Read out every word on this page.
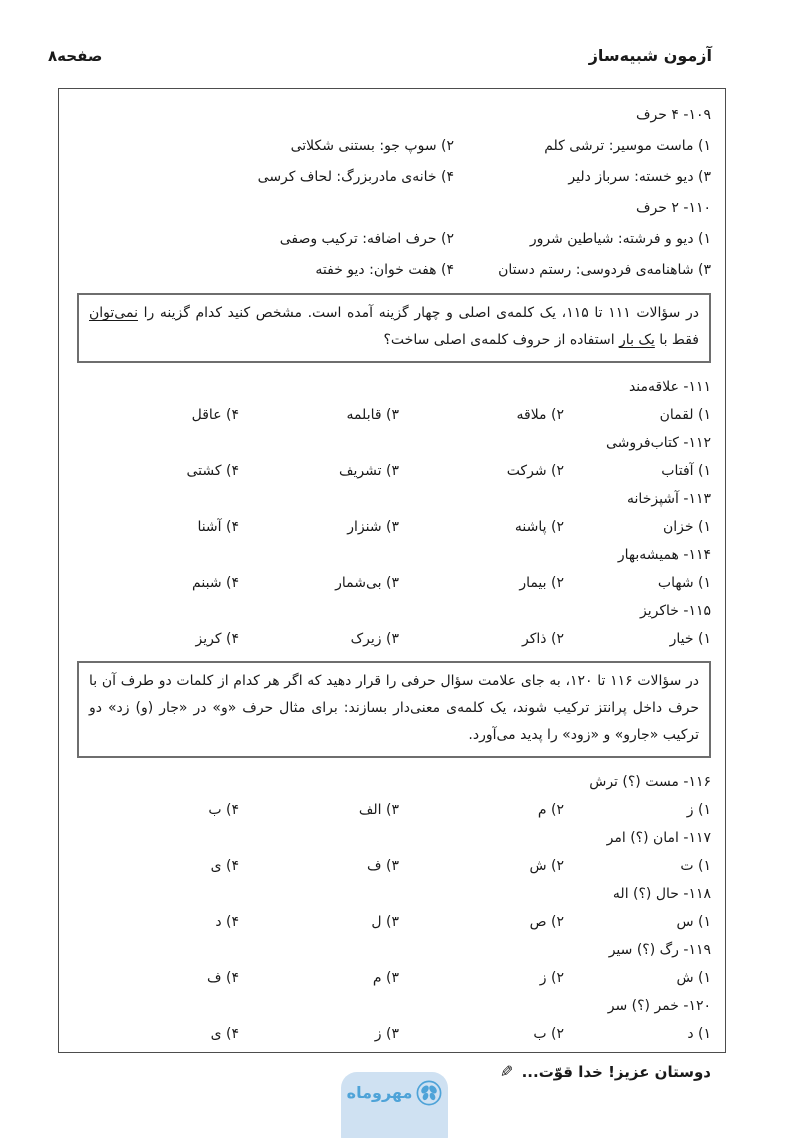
آزمون شبیه‌ساز
صفحه۸
۱۰۹- ۴ حرف
۱) ماست موسیر: ترشی کلم
۲) سوپ جو: بستنی شکلاتی
۳) دیو خسته: سرباز دلیر
۴) خانه‌ی مادربزرگ: لحاف کرسی
۱۱۰- ۲ حرف
۱) دیو و فرشته: شیاطین شرور
۲) حرف اضافه: ترکیب وصفی
۳) شاهنامه‌ی فردوسی: رستم دستان
۴) هفت خوان: دیو خفته
در سؤالات ۱۱۱ تا ۱۱۵، یک کلمه‌ی اصلی و چهار گزینه آمده است. مشخص کنید کدام گزینه را نمی‌توان فقط با یک بار استفاده از حروف کلمه‌ی اصلی ساخت؟
۱۱۱- علاقه‌مند
۱) لقمان
۲) ملاقه
۳) قابلمه
۴) عاقل
۱۱۲- کتاب‌فروشی
۱) آفتاب
۲) شرکت
۳) تشریف
۴) کشتی
۱۱۳- آشپزخانه
۱) خزان
۲) پاشنه
۳) شنزار
۴) آشنا
۱۱۴- همیشه‌بهار
۱) شهاب
۲) بیمار
۳) بی‌شمار
۴) شبنم
۱۱۵- خاکریز
۱) خیار
۲) ذاکر
۳) زیرک
۴) کریز
در سؤالات ۱۱۶ تا ۱۲۰، به جای علامت سؤال حرفی را قرار دهید که اگر هر کدام از کلمات دو طرف آن با حرف داخل پرانتز ترکیب شوند، یک کلمه‌ی معنی‌دار بسازند: برای مثال حرف «و» در «جار (و) زد» دو ترکیب «جارو» و «زود» را پدید می‌آورد.
۱۱۶- مست (؟) ترش
۱) ز
۲) م
۳) الف
۴) ب
۱۱۷- امان (؟) امر
۱) ت
۲) ش
۳) ف
۴) ی
۱۱۸- حال (؟) اله
۱) س
۲) ص
۳) ل
۴) د
۱۱۹- رگ (؟) سیر
۱) ش
۲) ز
۳) م
۴) ف
۱۲۰- خمر (؟) سر
۱) د
۲) ب
۳) ز
۴) ی
دوستان عزیز! خدا قوّت...
✎
مهروماه
